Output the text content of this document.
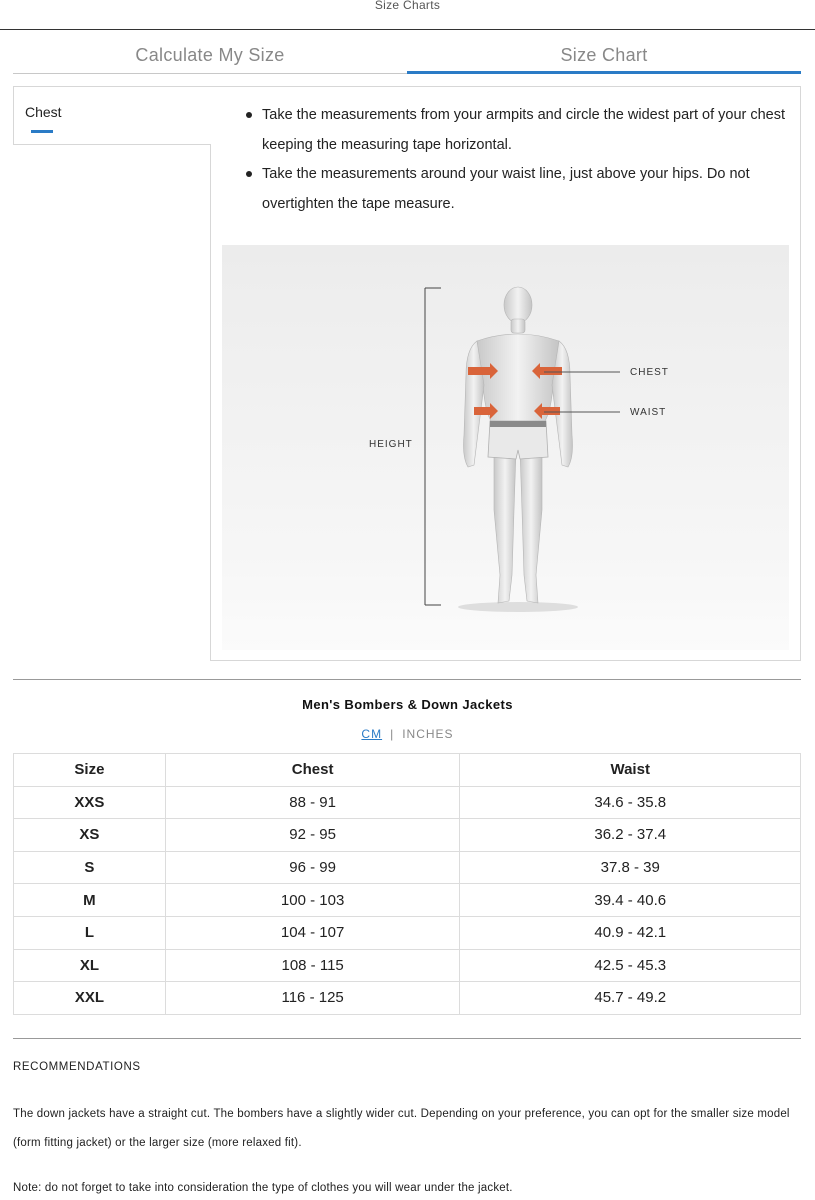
Size Charts
Calculate My Size	Size Chart
Chest	Take the measurements from your armpits and circle the widest part of your chest keeping the measuring tape horizontal.
Take the measurements around your waist line, just above your hips. Do not overtighten the tape measure.
HEIGHT
CHEST
WAIST
Men's Bombers & Down Jackets
CM | INCHES
Size	Chest	Waist
XXS	88 - 91	34.6 - 35.8
XS	92 - 95	36.2 - 37.4
S	96 - 99	37.8 - 39
M	100 - 103	39.4 - 40.6
L	104 - 107	40.9 - 42.1
XL	108 - 115	42.5 - 45.3
XXL	116 - 125	45.7 - 49.2
RECOMMENDATIONS
The down jackets have a straight cut. The bombers have a slightly wider cut. Depending on your preference, you can opt for the smaller size model (form fitting jacket) or the larger size (more relaxed fit).
Note: do not forget to take into consideration the type of clothes you will wear under the jacket.
